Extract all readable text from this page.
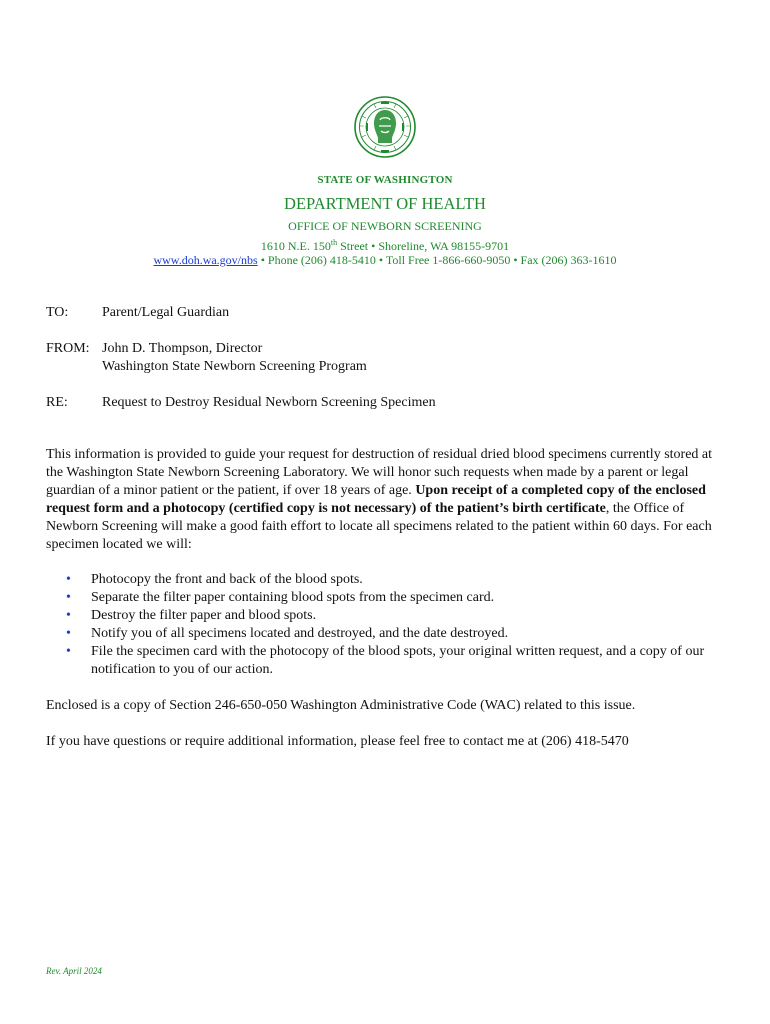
STATE OF WASHINGTON
DEPARTMENT OF HEALTH
OFFICE OF NEWBORN SCREENING
1610 N.E. 150th Street • Shoreline, WA 98155-9701
www.doh.wa.gov/nbs • Phone (206) 418-5410 • Toll Free 1-866-660-9050 • Fax (206) 363-1610
TO: Parent/Legal Guardian
FROM: John D. Thompson, Director
Washington State Newborn Screening Program
RE: Request to Destroy Residual Newborn Screening Specimen

This information is provided to guide your request for destruction of residual dried blood specimens currently stored at the Washington State Newborn Screening Laboratory. We will honor such requests when made by a parent or legal guardian of a minor patient or the patient, if over 18 years of age. Upon receipt of a completed copy of the enclosed request form and a photocopy (certified copy is not necessary) of the patient’s birth certificate, the Office of Newborn Screening will make a good faith effort to locate all specimens related to the patient within 60 days. For each specimen located we will:

• Photocopy the front and back of the blood spots.
• Separate the filter paper containing blood spots from the specimen card.
• Destroy the filter paper and blood spots.
• Notify you of all specimens located and destroyed, and the date destroyed.
• File the specimen card with the photocopy of the blood spots, your original written request, and a copy of our notification to you of our action.

Enclosed is a copy of Section 246-650-050 Washington Administrative Code (WAC) related to this issue.

If you have questions or require additional information, please feel free to contact me at (206) 418-5470

Rev. April 2024
